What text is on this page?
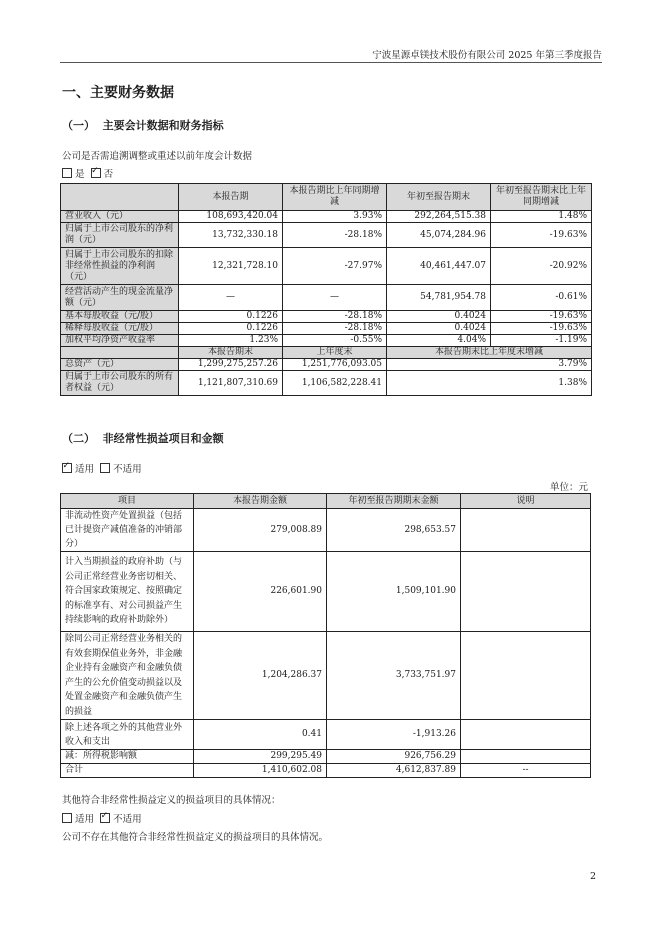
宁波星源卓镁技术股份有限公司 2025 年第三季度报告
一、主要财务数据
（一） 主要会计数据和财务指标
公司是否需追溯调整或重述以前年度会计数据
是 ✓ 否
	本报告期	本报告期比上年同期增减	年初至报告期末	年初至报告期末比上年同期增减
营业收入（元）	108,693,420.04	3.93%	292,264,515.38	1.48%
归属于上市公司股东的净利润（元）	13,732,330.18	-28.18%	45,074,284.96	-19.63%
归属于上市公司股东的扣除非经常性损益的净利润（元）	12,321,728.10	-27.97%	40,461,447.07	-20.92%
经营活动产生的现金流量净额（元）	—	—	54,781,954.78	-0.61%
基本每股收益（元/股）	0.1226	-28.18%	0.4024	-19.63%
稀释每股收益（元/股）	0.1226	-28.18%	0.4024	-19.63%
加权平均净资产收益率	1.23%	-0.55%	4.04%	-1.19%
	本报告期末	上年度末	本报告期末比上年度末增减	
总资产（元）	1,299,275,257.26	1,251,776,093.05	3.79%	
归属于上市公司股东的所有者权益（元）	1,121,807,310.69	1,106,582,228.41	1.38%	
（二） 非经常性损益项目和金额
✓适用 不适用
单位：元
项目	本报告期金额	年初至报告期期末金额	说明
非流动性资产处置损益（包括已计提资产减值准备的冲销部分）	279,008.89	298,653.57	
计入当期损益的政府补助（与公司正常经营业务密切相关、符合国家政策规定、按照确定的标准享有、对公司损益产生持续影响的政府补助除外）	226,601.90	1,509,101.90	
除同公司正常经营业务相关的有效套期保值业务外，非金融企业持有金融资产和金融负债产生的公允价值变动损益以及处置金融资产和金融负债产生的损益	1,204,286.37	3,733,751.97	
除上述各项之外的其他营业外收入和支出	0.41	-1,913.26	
减：所得税影响额	299,295.49	926,756.29	
合计	1,410,602.08	4,612,837.89	--
其他符合非经常性损益定义的损益项目的具体情况：
适用 ✓ 不适用
公司不存在其他符合非经常性损益定义的损益项目的具体情况。
2
